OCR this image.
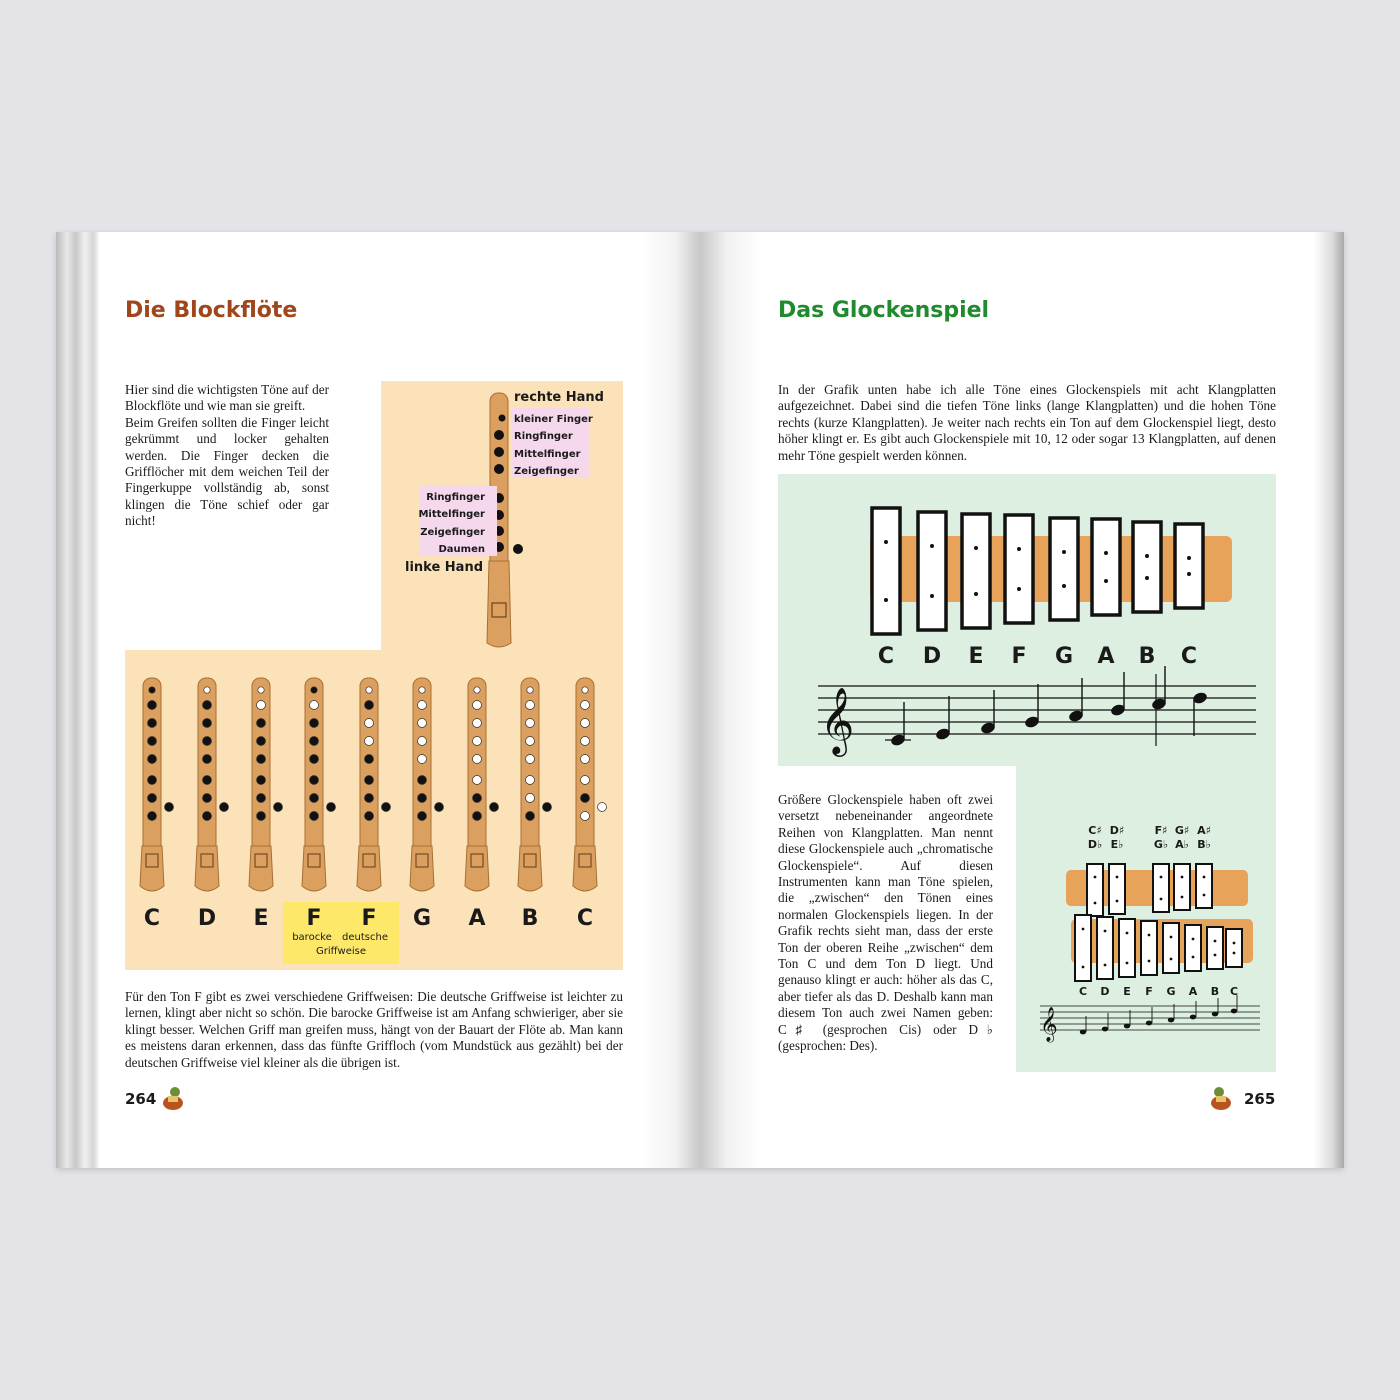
Die Blockflöte

Hier sind die wichtigsten Töne auf der Blockflöte und wie man sie greift.

Beim Greifen sollten die Finger leicht gekrümmt und locker gehalten werden. Die Finger decken die Grifflöcher mit dem weichen Teil der Fingerkuppe vollständig ab, sonst klingen die Töne schief oder gar nicht!

rechte Hand
kleiner Finger
Ringfinger
Mittelfinger
Zeigefinger
Ringfinger
Mittelfinger
Zeigefinger
Daumen
linke Hand
C	D	E	F	F	G	A	B	C
barocke	deutsche
Griffweise
Für den Ton F gibt es zwei verschiedene Griffweisen: Die deutsche Griffweise ist leichter zu lernen, klingt aber nicht so schön. Die barocke Griffweise ist am Anfang schwieriger, aber sie klingt besser. Welchen Griff man greifen muss, hängt von der Bauart der Flöte ab. Man kann es meistens daran erkennen, dass das fünfte Griffloch (vom Mundstück aus gezählt) bei der deutschen Griffweise viel kleiner als die übrigen ist.
264
Das Glockenspiel
In der Grafik unten habe ich alle Töne eines Glockenspiels mit acht Klangplatten aufgezeichnet. Dabei sind die tiefen Töne links (lange Klangplatten) und die hohen Töne rechts (kurze Klangplatten). Je weiter nach rechts ein Ton auf dem Glockenspiel liegt, desto höher klingt er. Es gibt auch Glockenspiele mit 10, 12 oder sogar 13 Klangplatten, auf denen mehr Töne gespielt werden können.
𝄞
C	D	E	F	G	A	B	C
Größere Glockenspiele haben oft zwei versetzt nebeneinander angeordnete Reihen von Klangplatten. Man nennt diese Glockenspiele auch „chromatische Glockenspiele“. Auf diesen Instrumenten kann man Töne spielen, die „zwischen“ den Tönen eines normalen Glockenspiels liegen. In der Grafik rechts sieht man, dass der erste Ton der oberen Reihe „zwischen“ dem Ton C und dem Ton D liegt. Und genauso klingt er auch: höher als das C, aber tiefer als das D. Deshalb kann man diesem Ton auch zwei Namen geben: C♯ (gesprochen Cis) oder D♭ (gesprochen: Des).
𝄞
C♯
D♭
D♯
E♭
F♯
G♭
G♯
A♭
A♯
B♭
C	D	E	F	G	A	B C
265
